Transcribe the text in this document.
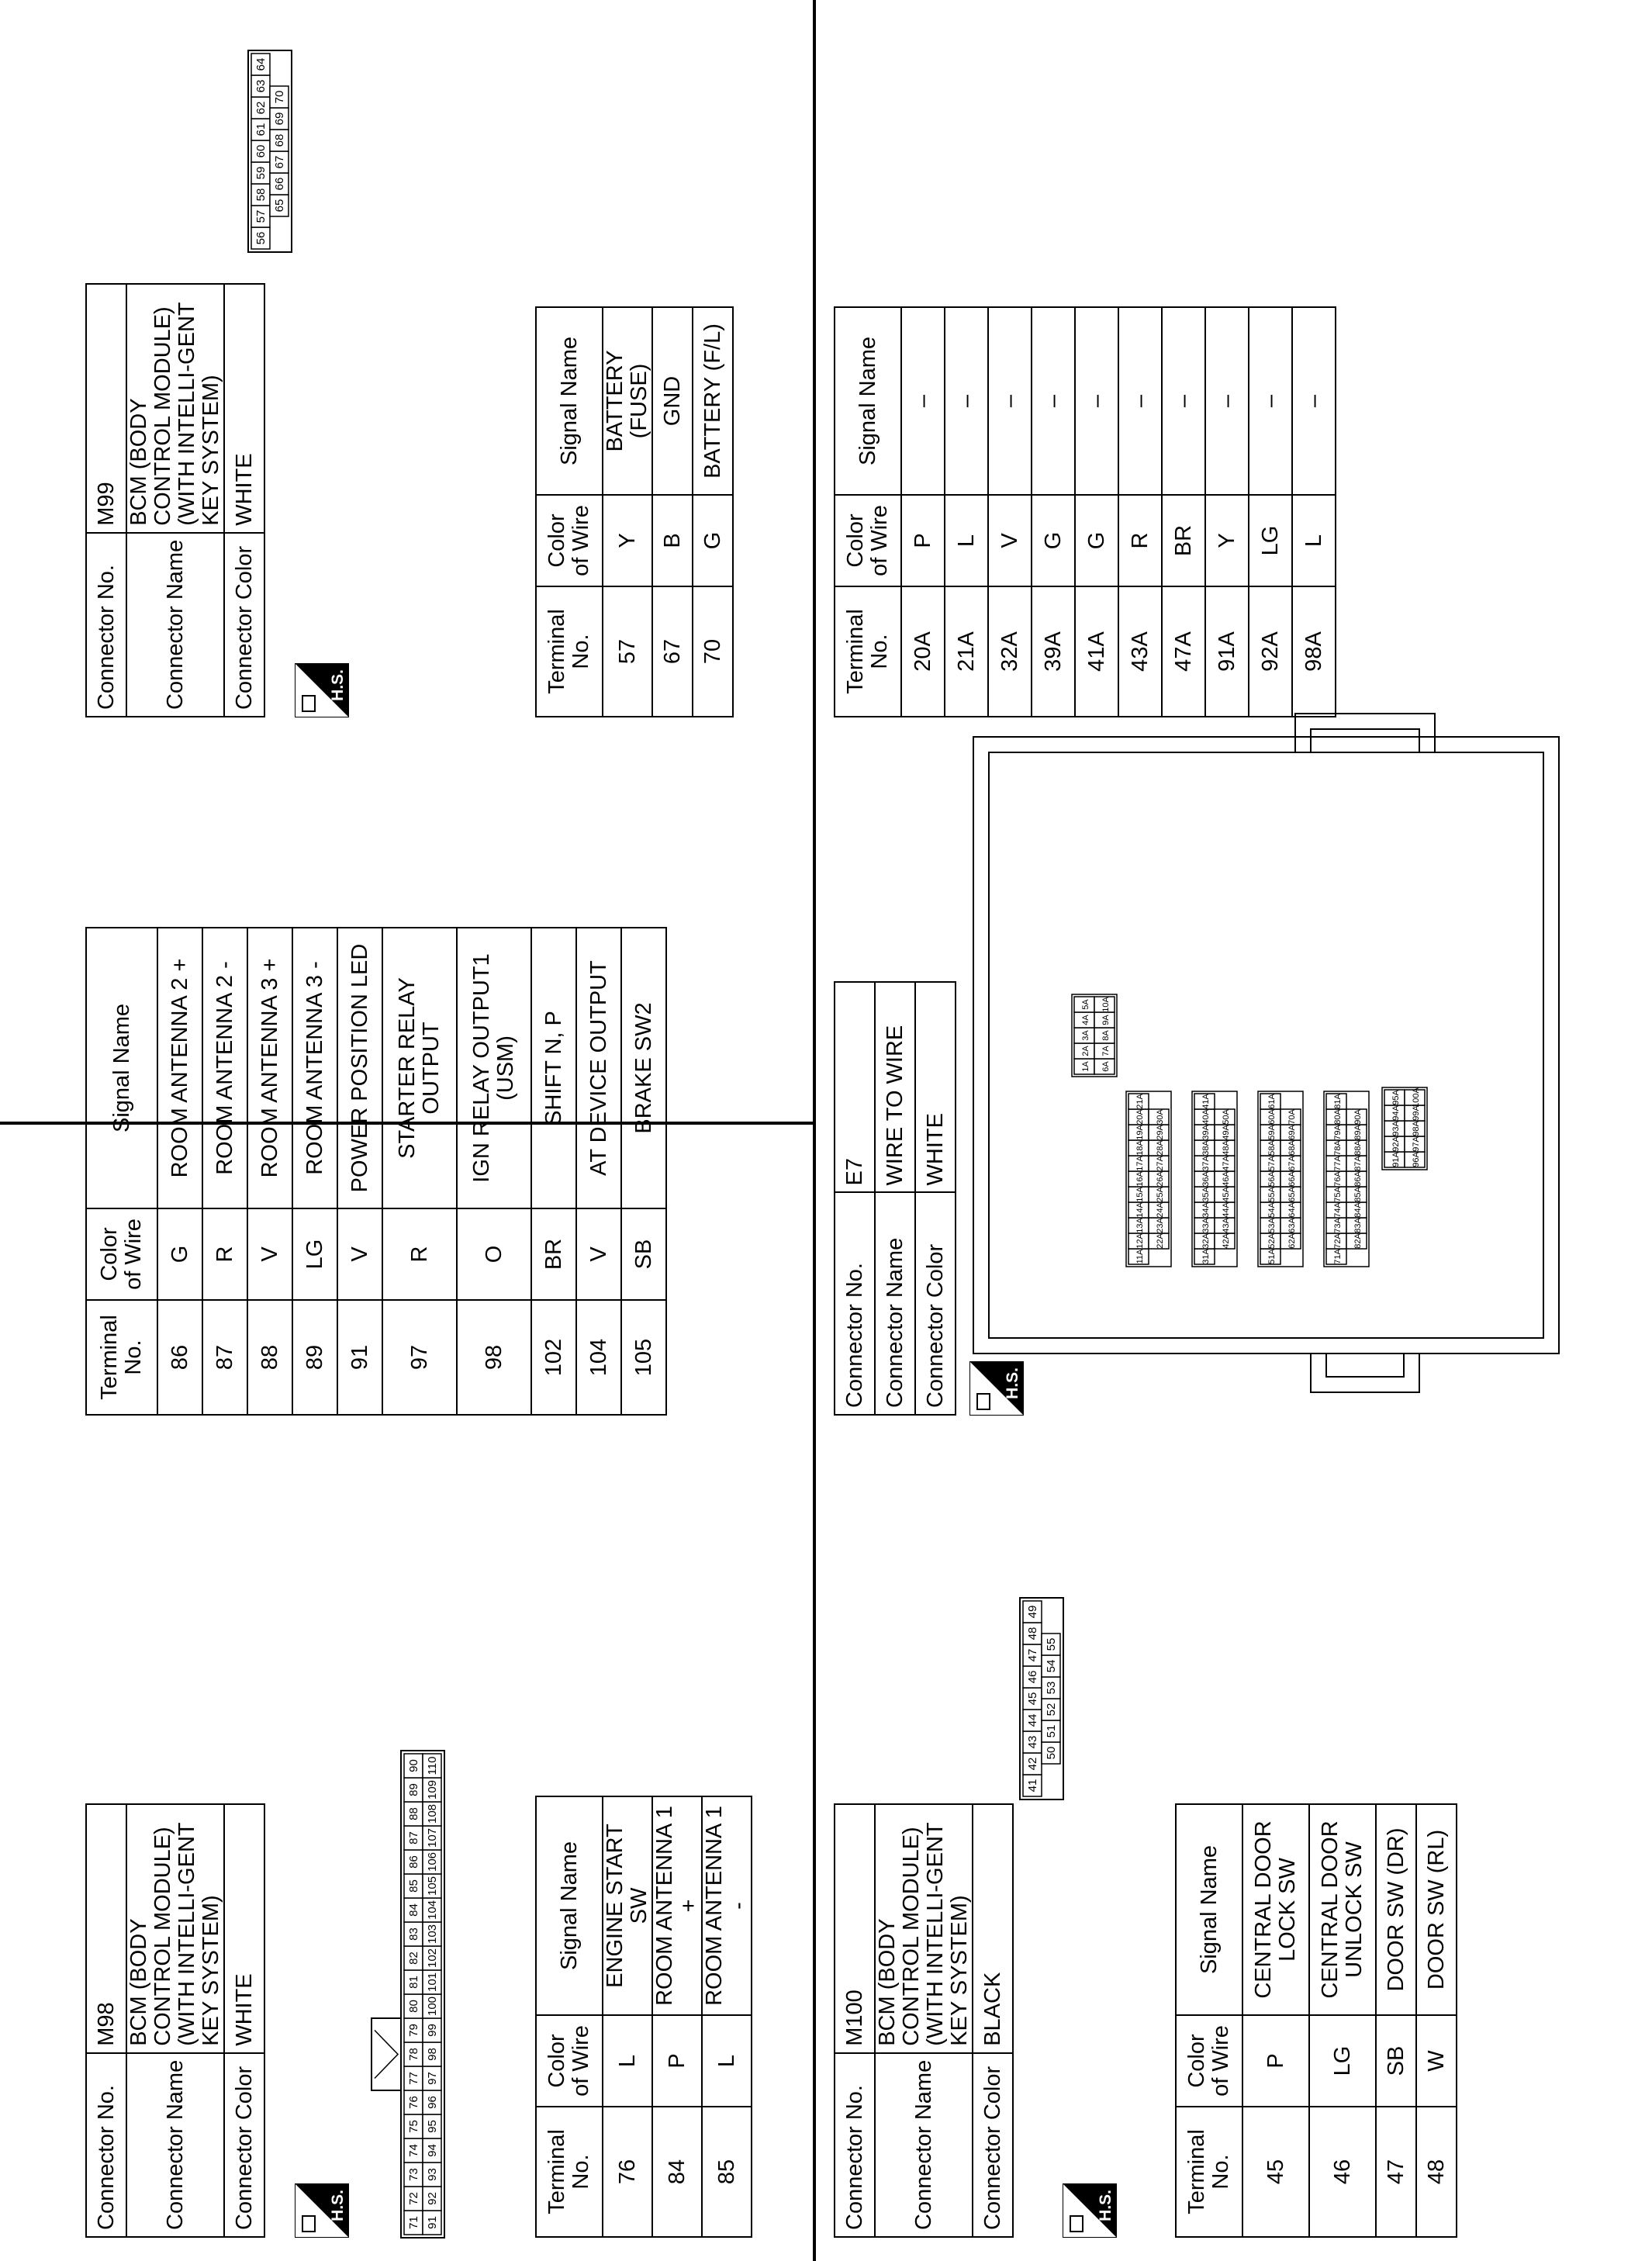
Connector No.	M98
Connector Name	BCM (BODY CONTROL MODULE) (WITH INTELLI-GENT KEY SYSTEM)
Connector Color	WHITE
H.S.
71
72
73
74
75
76
77
78
79
80
81
82
83
84
85
86
87
88
89
90
91
92
93
94
95
96
97
98
99
100
101
102
103
104
105
106
107
108
109
110
Terminal No.	Color of Wire	Signal Name
76	L	ENGINE START SW
84	P	ROOM ANTENNA 1 +
85	L	ROOM ANTENNA 1 -
Terminal No.	Color of Wire	Signal Name
86	G	ROOM ANTENNA 2 +
87	R	ROOM ANTENNA 2 -
88	V	ROOM ANTENNA 3 +
89	LG	ROOM ANTENNA 3 -
91	V	POWER POSITION LED
97	R	STARTER RELAY OUTPUT
98	O	IGN RELAY OUTPUT1 (USM)
102	BR	SHIFT N, P
104	V	AT DEVICE OUTPUT
105	SB	BRAKE SW2
Connector No.	M99
Connector Name	BCM (BODY CONTROL MODULE) (WITH INTELLI-GENT KEY SYSTEM)
Connector Color	WHITE
H.S.
56
57
58
59
60
61
62
63
64
65
66
67
68
69
70
Terminal No.	Color of Wire	Signal Name
57	Y	BATTERY (FUSE)
67	B	GND
70	G	BATTERY (F/L)
Connector No.	M100
Connector Name	BCM (BODY CONTROL MODULE) (WITH INTELLI-GENT KEY SYSTEM)
Connector Color	BLACK
H.S.
41
42
43
44
45
46
47
48
49
50
51
52
53
54
55
Terminal No.	Color of Wire	Signal Name
45	P	CENTRAL DOOR LOCK SW
46	LG	CENTRAL DOOR UNLOCK SW
47	SB	DOOR SW (DR)
48	W	DOOR SW (RL)
Connector No.	E7
Connector Name	WIRE TO WIRE
Connector Color	WHITE
H.S.
1A
2A
3A
4A
5A
6A
7A
8A
9A
10A
11A
12A
13A
14A
15A
16A
17A
18A
19A
20A
21A
22A
23A
24A
25A
26A
27A
28A
29A
30A
31A
32A
33A
34A
35A
36A
37A
38A
39A
40A
41A
42A
43A
44A
45A
46A
47A
48A
49A
50A
51A
52A
53A
54A
55A
56A
57A
58A
59A
60A
61A
62A
63A
64A
65A
66A
67A
68A
69A
70A
71A
72A
73A
74A
75A
76A
77A
78A
79A
80A
81A
82A
83A
84A
85A
86A
87A
88A
89A
90A
91A
92A
93A
94A
95A
96A
97A
98A
99A
100A
Terminal No.	Color of Wire	Signal Name
20A	P	–
21A	L	–
32A	V	–
39A	G	–
41A	G	–
43A	R	–
47A	BR	–
91A	Y	–
92A	LG	–
98A	L	–
